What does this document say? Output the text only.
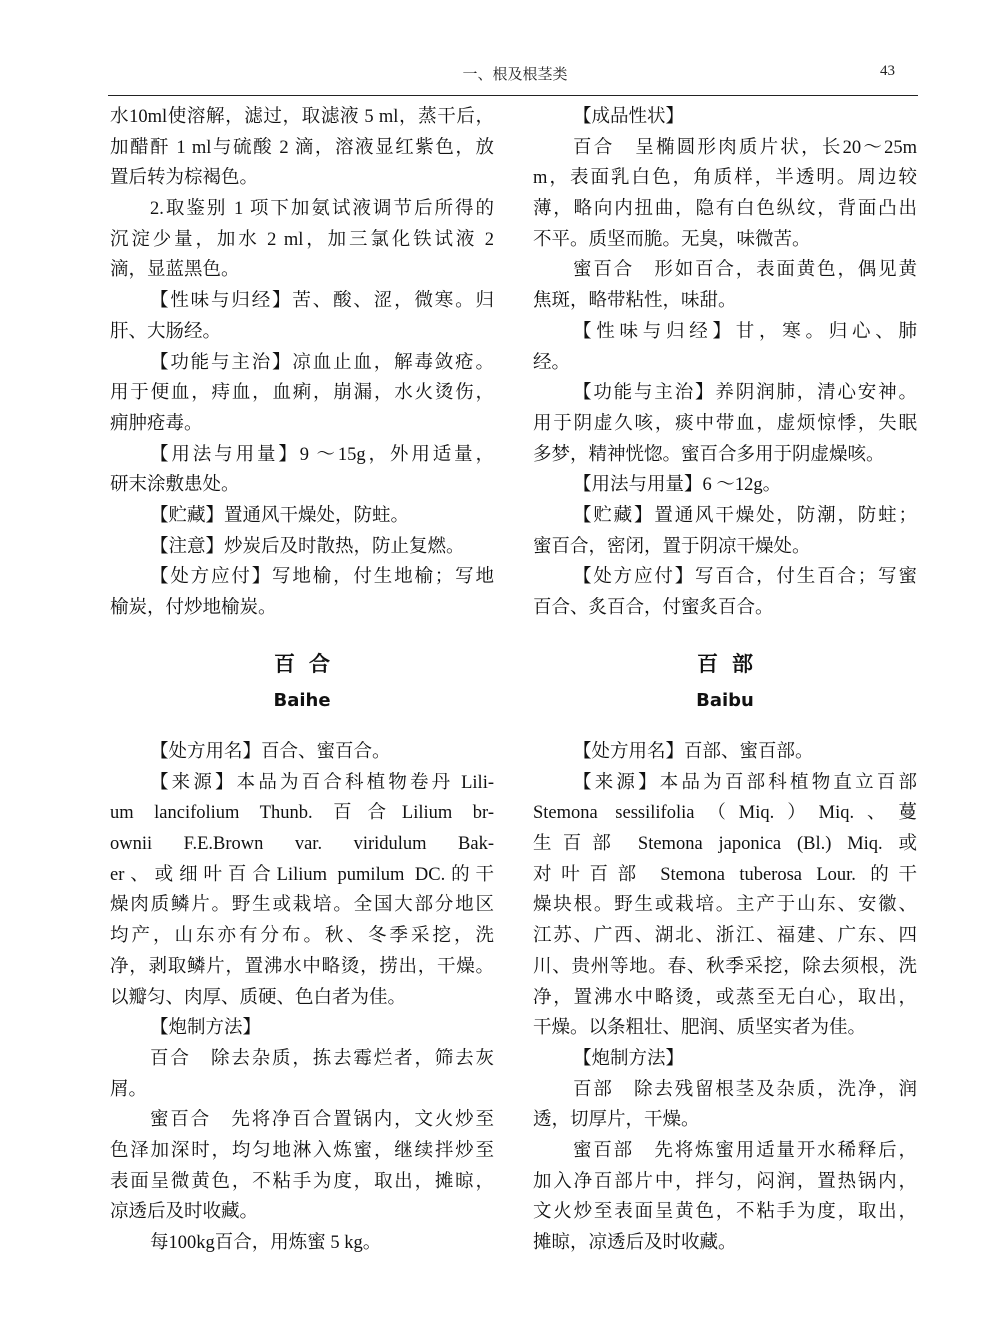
一、根及根茎类	43
水10ml使溶解，滤过，取滤液 5 ml，蒸干后，
加醋酐 1 ml与硫酸 2 滴，溶液显红紫色，放
置后转为棕褐色。
2.取鉴别 1 项下加氨试液调节后所得的
沉淀少量，加水 2 ml，加三氯化铁试液 2
滴，显蓝黑色。
【性味与归经】苦、酸、涩，微寒。归
肝、大肠经。
【功能与主治】凉血止血，解毒敛疮。
用于便血，痔血，血痢，崩漏，水火烫伤，
痈肿疮毒。
【用法与用量】9 ～15g，外用适量，
研末涂敷患处。
【贮藏】置通风干燥处，防蛀。
【注意】炒炭后及时散热，防止复燃。
【处方应付】写地榆，付生地榆；写地
榆炭，付炒地榆炭。
百合
Baihe
【处方用名】百合、蜜百合。
【来源】本品为百合科植物卷丹 Lili-
um lancifolium Thunb. 百合Lilium br-
ownii F.E.Brown var. viridulum Bak-
er、或细叶百合Lilium pumilum DC.的干
燥肉质鳞片。野生或栽培。全国大部分地区
均产，山东亦有分布。秋、冬季采挖，洗
净，剥取鳞片，置沸水中略烫，捞出，干燥。
以瓣匀、肉厚、质硬、色白者为佳。
【炮制方法】
百合　除去杂质，拣去霉烂者，筛去灰
屑。
蜜百合　先将净百合置锅内，文火炒至
色泽加深时，均匀地淋入炼蜜，继续拌炒至
表面呈微黄色，不粘手为度，取出，摊晾，
凉透后及时收藏。
每100kg百合，用炼蜜 5 kg。
【成品性状】
百合　呈椭圆形肉质片状，长20～25m
m，表面乳白色，角质样，半透明。周边较
薄，略向内扭曲，隐有白色纵纹，背面凸出
不平。质坚而脆。无臭，味微苦。
蜜百合　形如百合，表面黄色，偶见黄
焦斑，略带粘性，味甜。
【性味与归经】甘，寒。归心、肺
经。
【功能与主治】养阴润肺，清心安神。
用于阴虚久咳，痰中带血，虚烦惊悸，失眠
多梦，精神恍惚。蜜百合多用于阴虚燥咳。
【用法与用量】6 ～12g。
【贮藏】置通风干燥处，防潮，防蛀；
蜜百合，密闭，置于阴凉干燥处。
【处方应付】写百合，付生百合；写蜜
百合、炙百合，付蜜炙百合。
百部
Baibu
【处方用名】百部、蜜百部。
【来源】本品为百部科植物直立百部
Stemona sessilifolia（Miq.）Miq.、蔓
生百部 Stemona japonica (Bl.) Miq. 或
对叶百部 Stemona tuberosa Lour. 的干
燥块根。野生或栽培。主产于山东、安徽、
江苏、广西、湖北、浙江、福建、广东、四
川、贵州等地。春、秋季采挖，除去须根，洗
净，置沸水中略烫，或蒸至无白心，取出，
干燥。以条粗壮、肥润、质坚实者为佳。
【炮制方法】
百部　除去残留根茎及杂质，洗净，润
透，切厚片，干燥。
蜜百部　先将炼蜜用适量开水稀释后，
加入净百部片中，拌匀，闷润，置热锅内，
文火炒至表面呈黄色，不粘手为度，取出，
摊晾，凉透后及时收藏。
